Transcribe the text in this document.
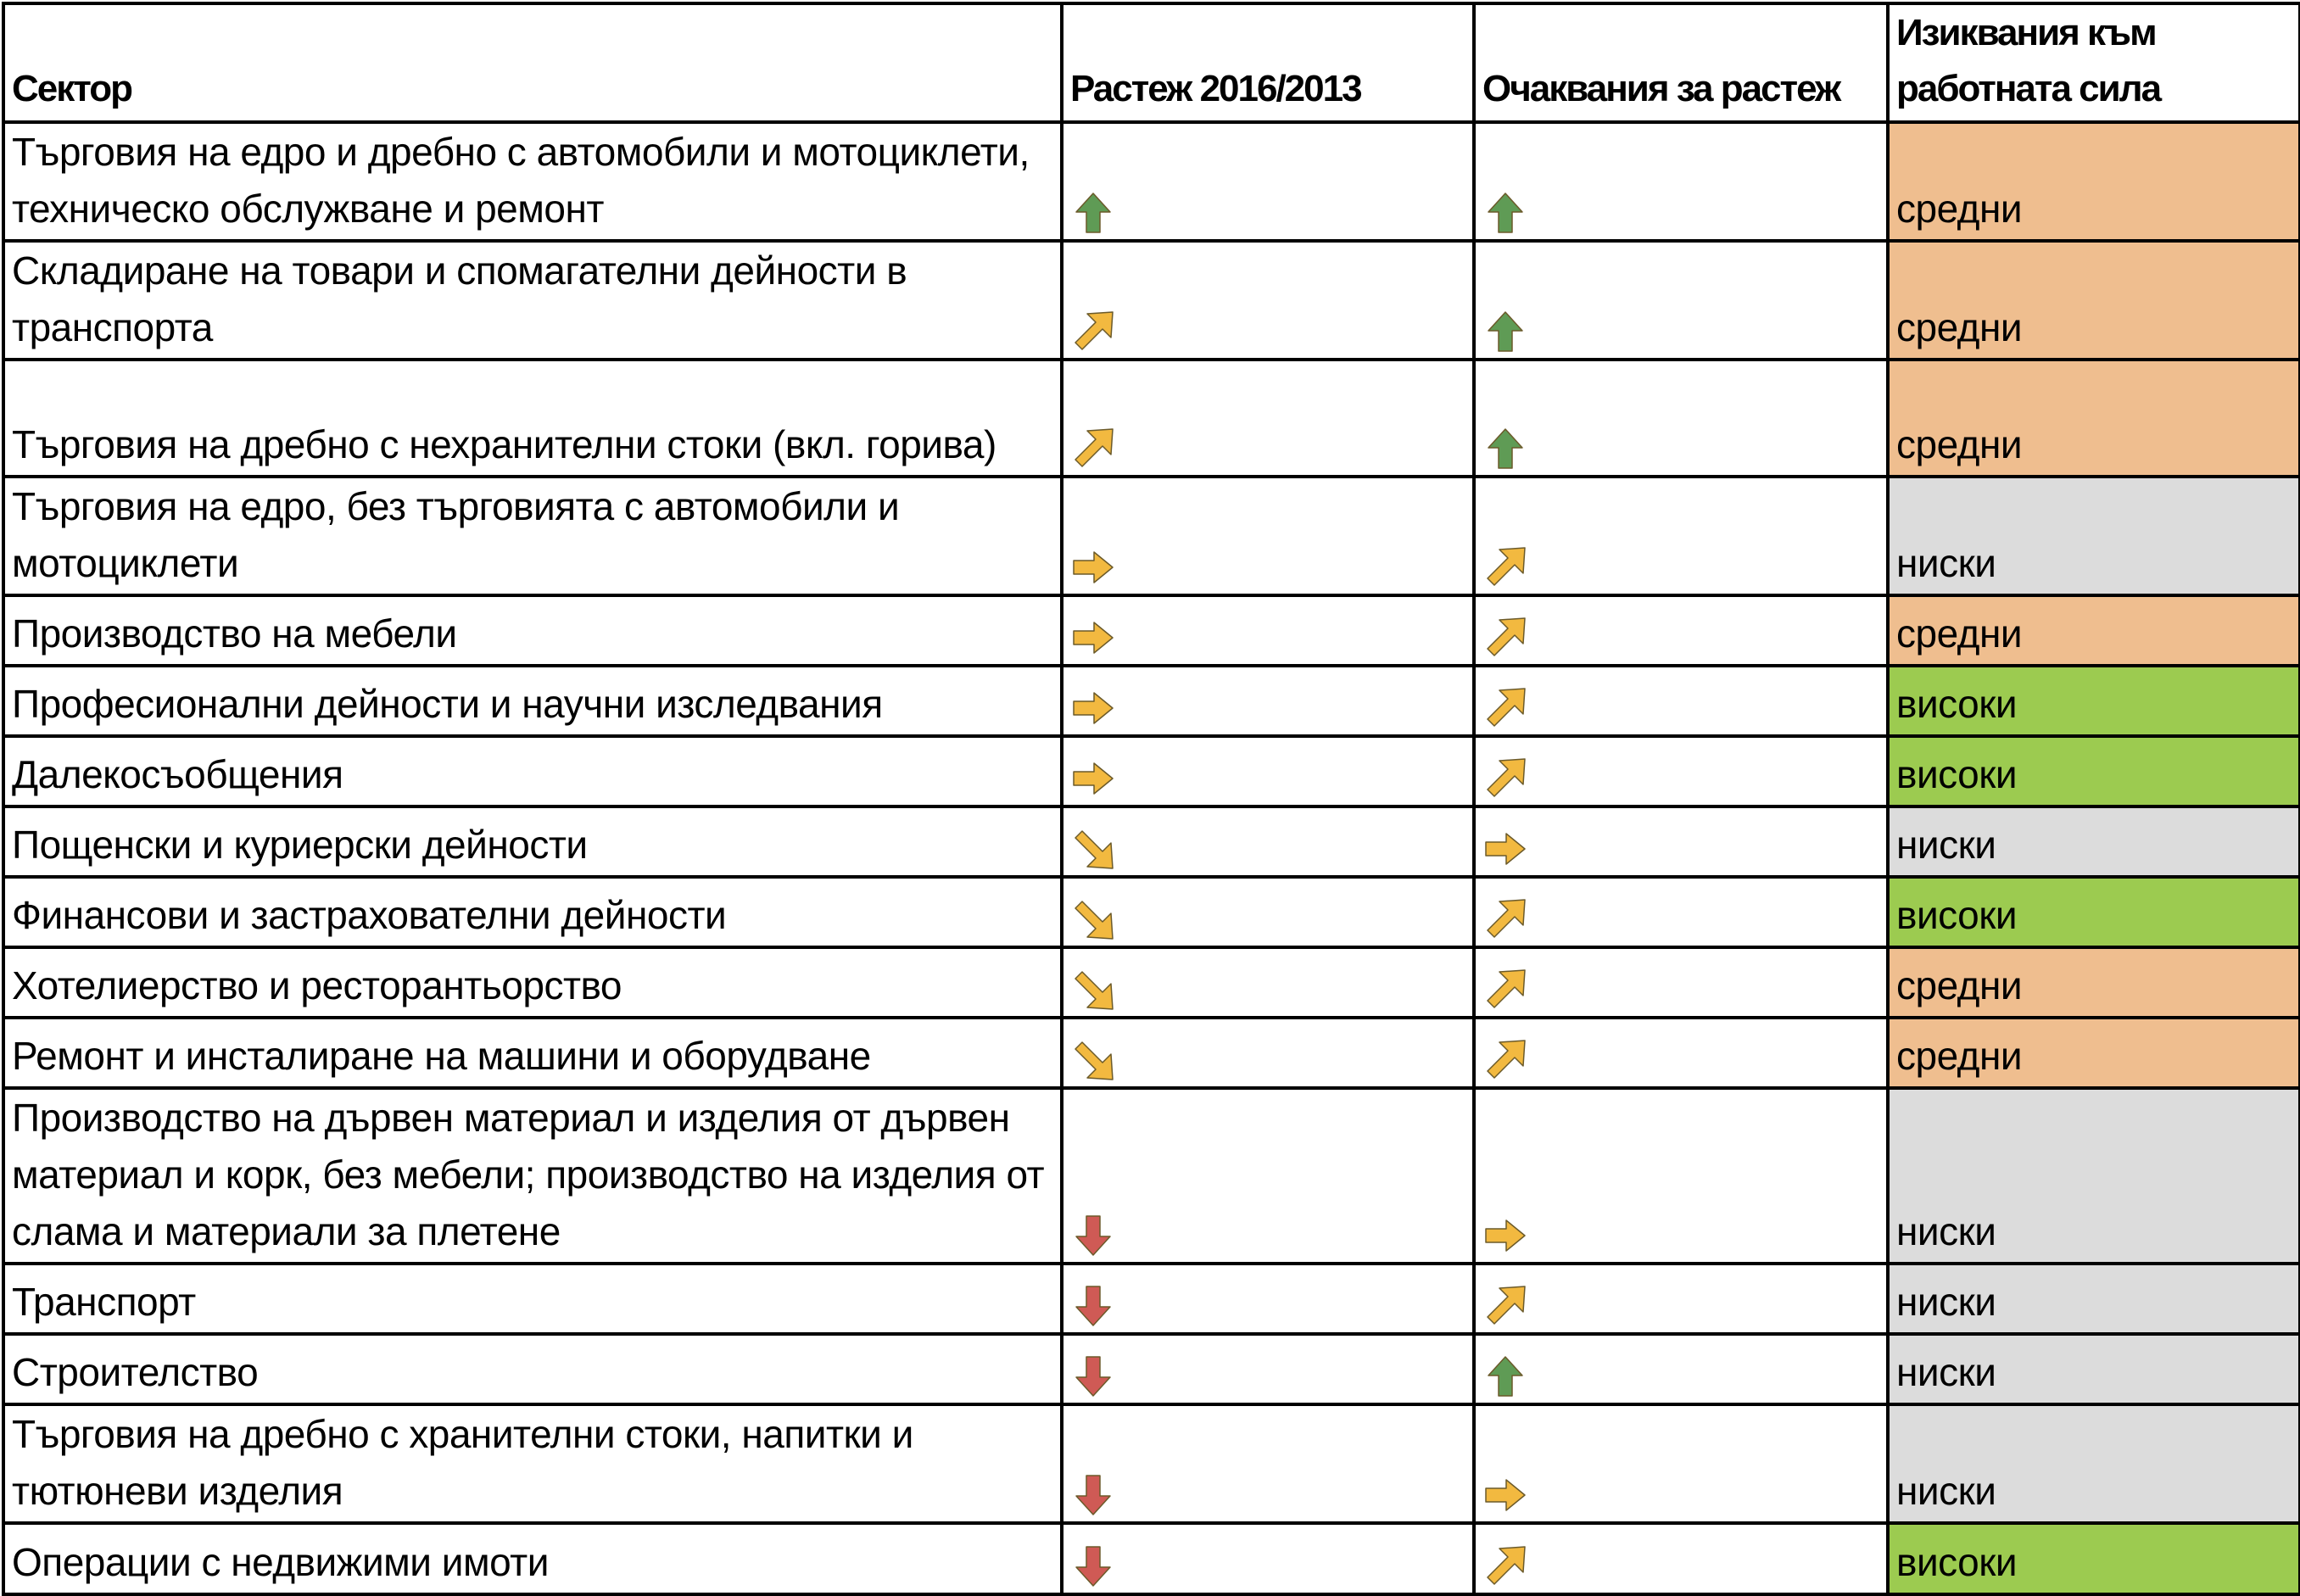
Сектор	Растеж 2016/2013	Очаквания за растеж	Изиквания към работната сила
Търговия на едро и дребно с автомобили и мотоциклети, техническо обслужване и ремонт			средни
Складиране на товари и спомагателни дейности в транспорта			средни
Търговия на дребно с нехранителни стоки (вкл. горива)			средни
Търговия на едро, без търговията с автомобили и мотоциклети			ниски
Производство на мебели			средни
Професионални дейности и научни изследвания			високи
Далекосъобщения			високи
Пощенски и куриерски дейности			ниски
Финансови и застрахователни дейности			високи
Хотелиерство и ресторантьорство			средни
Ремонт и инсталиране на машини и оборудване			средни
Производство на дървен материал и изделия от дървен материал и корк, без мебели; производство на изделия от слама и материали за плетене			ниски
Транспорт			ниски
Строителство			ниски
Търговия на дребно с хранителни стоки, напитки и тютюневи изделия			ниски
Операции с недвижими имоти			високи
